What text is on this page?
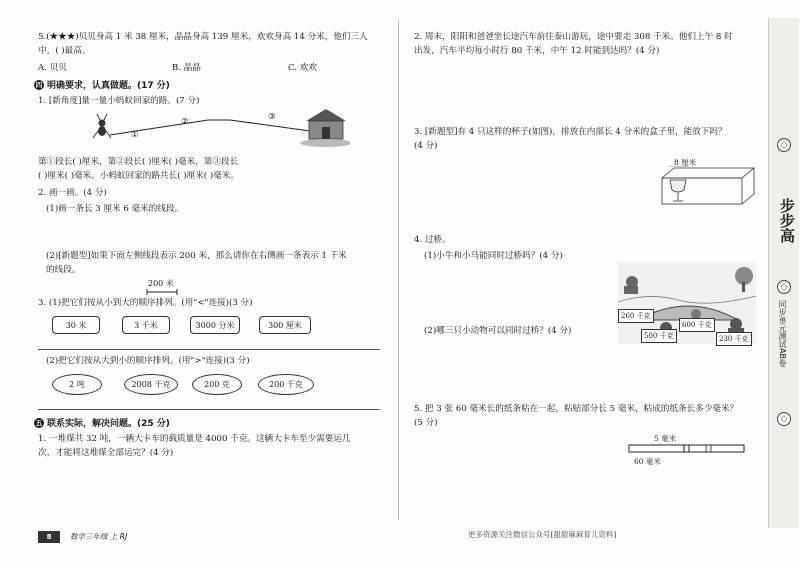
5.(★★★)贝贝身高 1 米 38 厘米，晶晶身高 139 厘米，欢欢身高 14 分米，他们三人
中，( )最高。
A. 贝贝	B. 晶晶	C. 欢欢
四 明确要求，认真做题。(17 分)
1. [新角度]量一量小蚂蚁回家的路。(7 分)
①
②	③
第①段长( )厘米，第②段长( )厘米( )毫米，第③段长
( )厘米( )毫米。小蚂蚁回家的路共长( )厘米( )毫米。
2. 画一画。(4 分)
(1)画一条长 3 厘米 6 毫米的线段。
(2)[新题型]如果下面左侧线段表示 200 米，那么请你在右侧画一条表示 1 千米
的线段。
200 米
3. (1)把它们按从小到大的顺序排列。(用"<"连接)(3 分)
30 米	3 千米	3000 分米	300 厘米
(2)把它们按从大到小的顺序排列。(用">"连接)(3 分)
2 吨	2008 千克	200 克	200 千克
五 联系实际，解决问题。(25 分)
1. 一堆煤共 32 吨，一辆大卡车的载质量是 4000 千克。这辆大卡车至少需要运几
次，才能将这堆煤全部运完？(4 分)
2. 周末，阳阳和爸爸坐长途汽车前往泰山游玩，途中要走 308 千米。他们上午 8 时
出发，汽车平均每小时行 80 千米，中午 12 时能到达吗？(4 分)
3. [新题型]有 4 只这样的杯子(如图)，排放在内部长 4 分米的盒子里，能放下吗？
(4 分)
8 厘米
4. 过桥。
(1)小牛和小马能同时过桥吗？(4 分)
(2)哪三只小动物可以同时过桥？(4 分)
260 千克
500 千克
600 千克
230 千克
5. 把 3 张 60 毫米长的纸条粘在一起，粘贴部分长 5 毫米，粘成的纸条长多少毫米？
(5 分)
5 毫米
60 毫米
8	数学三年级 上 RJ	更多资源关注微信公众号[甜甜麻麻育儿资料]
○
步步高
○
同步单元测试AB卷
○
